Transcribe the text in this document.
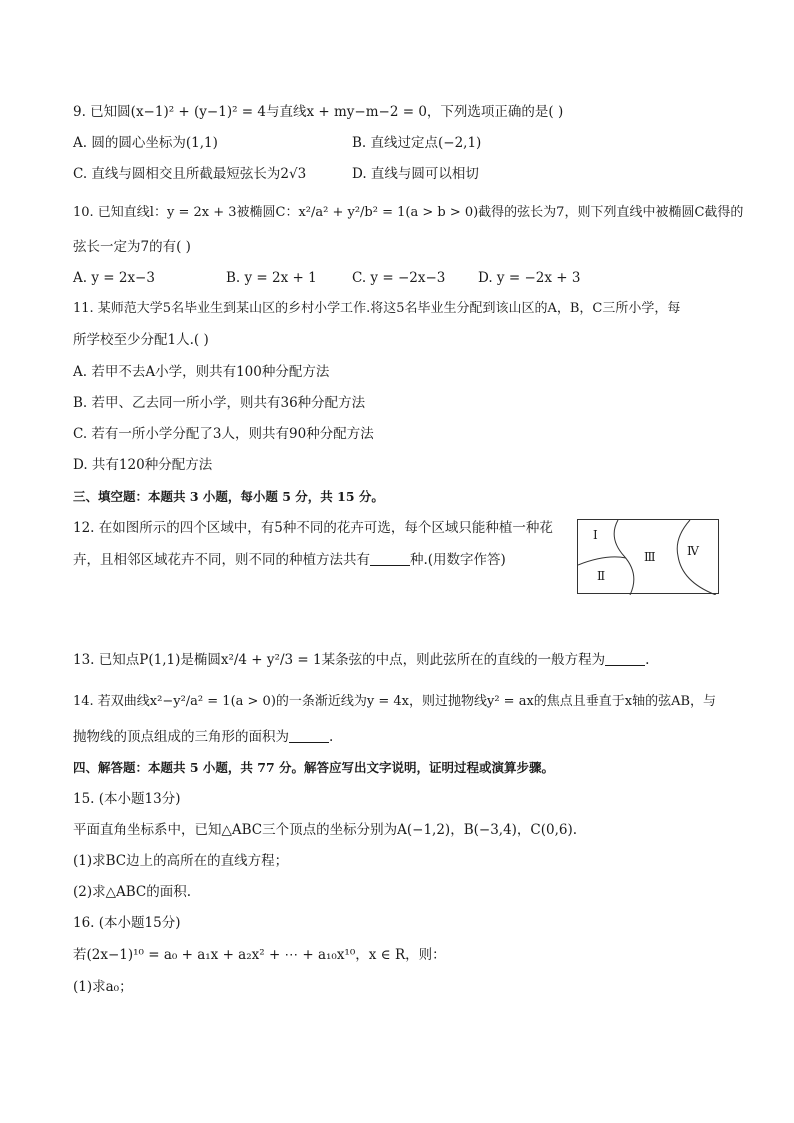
9. 已知圆(x−1)² + (y−1)² = 4与直线x + my−m−2 = 0，下列选项正确的是( )
A. 圆的圆心坐标为(1,1)	B. 直线过定点(−2,1)
C. 直线与圆相交且所截最短弦长为2√3	D. 直线与圆可以相切
10. 已知直线l：y = 2x + 3被椭圆C：x²/a² + y²/b² = 1(a > b > 0)截得的弦长为7，则下列直线中被椭圆C截得的
弦长一定为7的有( )
A. y = 2x−3	B. y = 2x + 1	C. y = −2x−3 D. y = −2x + 3
11. 某师范大学5名毕业生到某山区的乡村小学工作.将这5名毕业生分配到该山区的A，B，C三所小学，每
所学校至少分配1人.( )
A. 若甲不去A小学，则共有100种分配方法
B. 若甲、乙去同一所小学，则共有36种分配方法
C. 若有一所小学分配了3人，则共有90种分配方法
D. 共有120种分配方法
三、填空题：本题共 3 小题，每小题 5 分，共 15 分。
12. 在如图所示的四个区域中，有5种不同的花卉可选，每个区域只能种植一种花
卉，且相邻区域花卉不同，则不同的种植方法共有	种.(用数字作答)
Ⅰ
Ⅱ
Ⅲ	Ⅳ
13. 已知点P(1,1)是椭圆x²/4 + y²/3 = 1某条弦的中点，则此弦所在的直线的一般方程为	.
14. 若双曲线x²−y²/a² = 1(a > 0)的一条渐近线为y = 4x，则过抛物线y² = ax的焦点且垂直于x轴的弦AB，与
抛物线的顶点组成的三角形的面积为	.
四、解答题：本题共 5 小题，共 77 分。解答应写出文字说明，证明过程或演算步骤。
15. (本小题13分)
平面直角坐标系中，已知△ABC三个顶点的坐标分别为A(−1,2)，B(−3,4)，C(0,6).
(1)求BC边上的高所在的直线方程；
(2)求△ABC的面积.
16. (本小题15分)
若(2x−1)¹⁰ = a₀ + a₁x + a₂x² + ⋯ + a₁₀x¹⁰，x ∈ R，则：
(1)求a₀；
